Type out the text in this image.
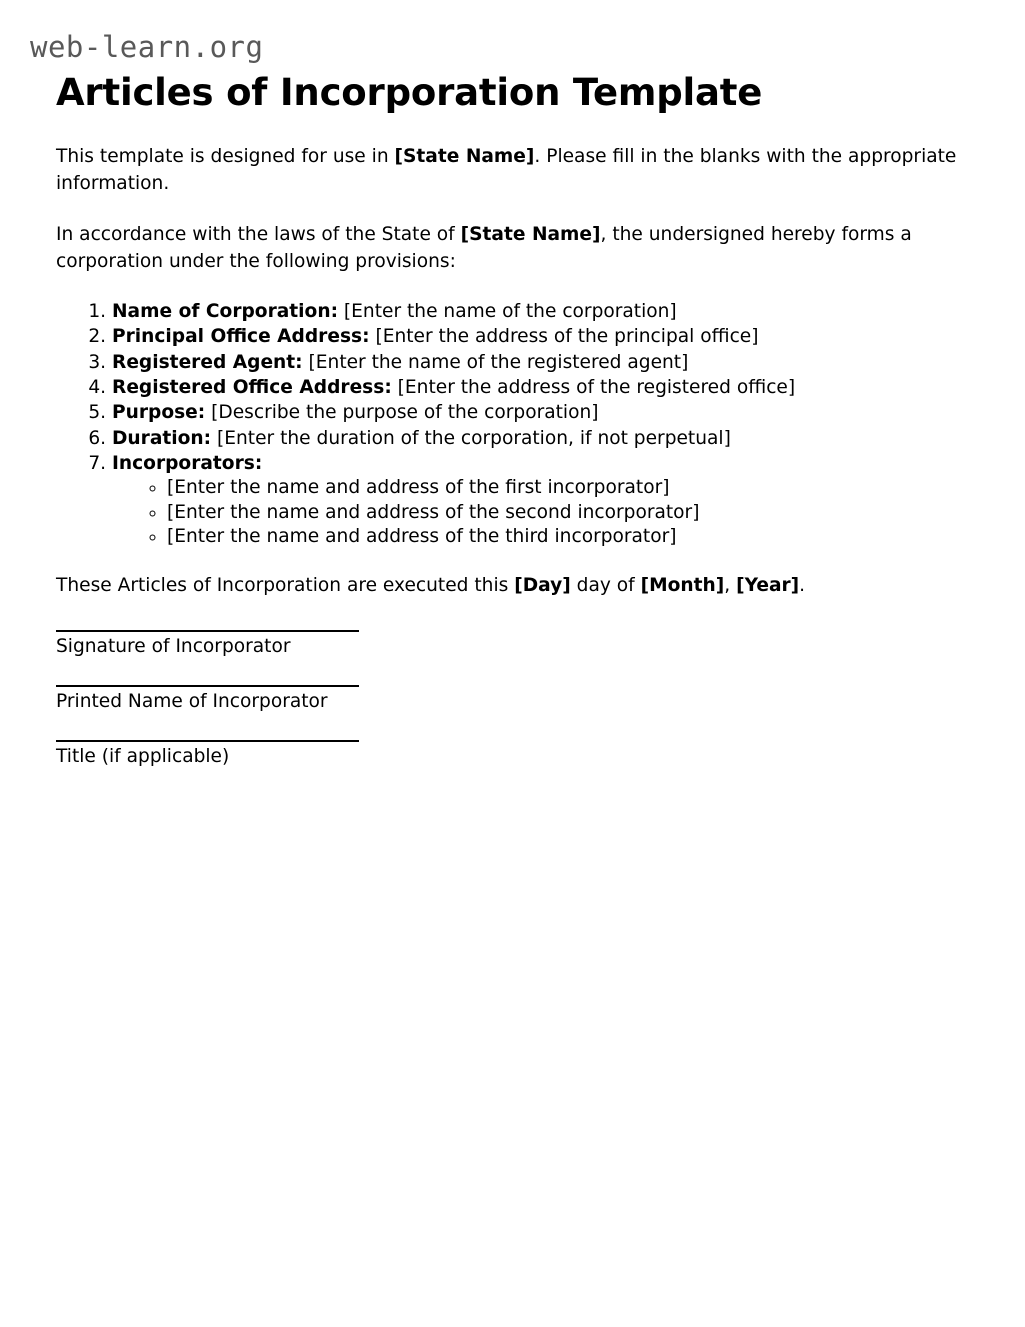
web-learn.org
Articles of Incorporation Template

This template is designed for use in [State Name]. Please fill in the blanks with the appropriate information.

In accordance with the laws of the State of [State Name], the undersigned hereby forms a corporation under the following provisions:

1. Name of Corporation: [Enter the name of the corporation]
2. Principal Office Address: [Enter the address of the principal office]
3. Registered Agent: [Enter the name of the registered agent]
4. Registered Office Address: [Enter the address of the registered office]
5. Purpose: [Describe the purpose of the corporation]
6. Duration: [Enter the duration of the corporation, if not perpetual]
7. Incorporators:
◦ [Enter the name and address of the first incorporator]
◦ [Enter the name and address of the second incorporator]
◦ [Enter the name and address of the third incorporator]

These Articles of Incorporation are executed this [Day] day of [Month], [Year].

Signature of Incorporator
Printed Name of Incorporator
Title (if applicable)
